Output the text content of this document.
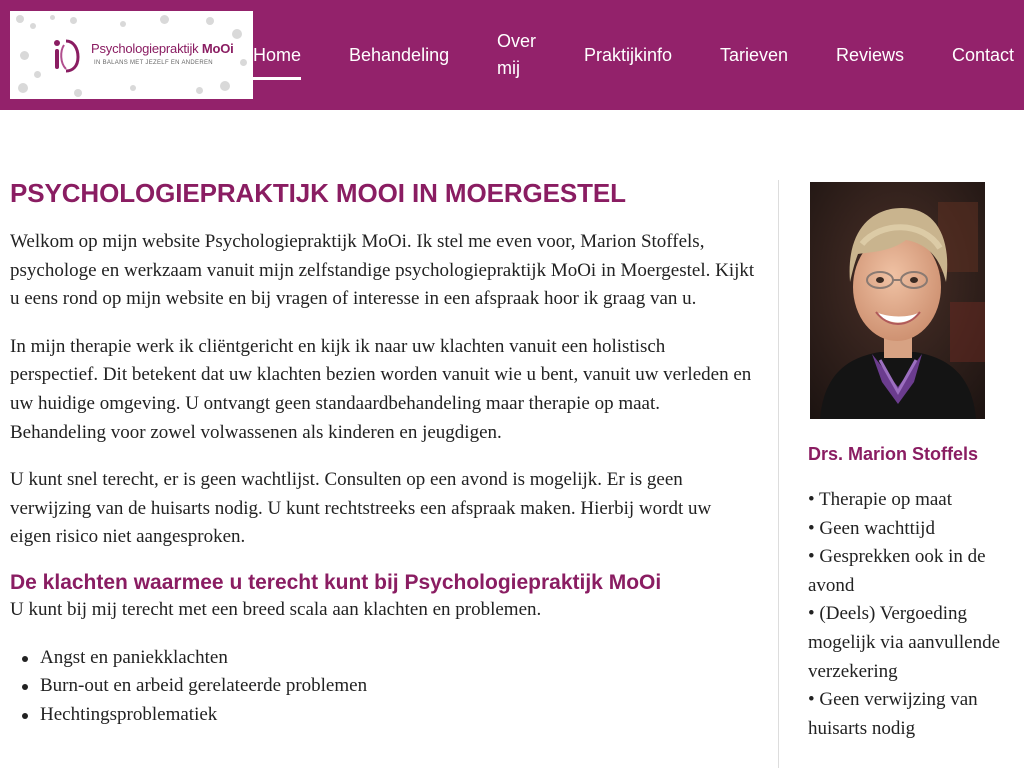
Psychologiepraktijk MoOi
IN BALANS MET JEZELF EN ANDEREN Home	Behandeling
Over mij
Praktijkinfo	Tarieven	Reviews	Contact
PSYCHOLOGIEPRAKTIJK MOOI IN MOERGESTEL

Welkom op mijn website Psychologiepraktijk MoOi. Ik stel me even voor, Marion Stoffels, psychologe en werkzaam vanuit mijn zelfstandige psychologiepraktijk MoOi in Moergestel. Kijkt u eens rond op mijn website en bij vragen of interesse in een afspraak hoor ik graag van u.

In mijn therapie werk ik cliëntgericht en kijk ik naar uw klachten vanuit een holistisch perspectief. Dit betekent dat uw klachten bezien worden vanuit wie u bent, vanuit uw verleden en uw huidige omgeving. U ontvangt geen standaardbehandeling maar therapie op maat. Behandeling voor zowel volwassenen als kinderen en jeugdigen.

U kunt snel terecht, er is geen wachtlijst. Consulten op een avond is mogelijk. Er is geen verwijzing van de huisarts nodig. U kunt rechtstreeks een afspraak maken. Hierbij wordt uw eigen risico niet aangesproken.

De klachten waarmee u terecht kunt bij Psychologiepraktijk MoOi

U kunt bij mij terecht met een breed scala aan klachten en problemen.

Angst en paniekklachten
Burn-out en arbeid gerelateerde problemen
Hechtingsproblematiek
Drs. Marion Stoffels
• Therapie op maat
• Geen wachttijd
• Gesprekken ook in de avond
• (Deels) Vergoeding mogelijk via aanvullende verzekering
• Geen verwijzing van huisarts nodig
